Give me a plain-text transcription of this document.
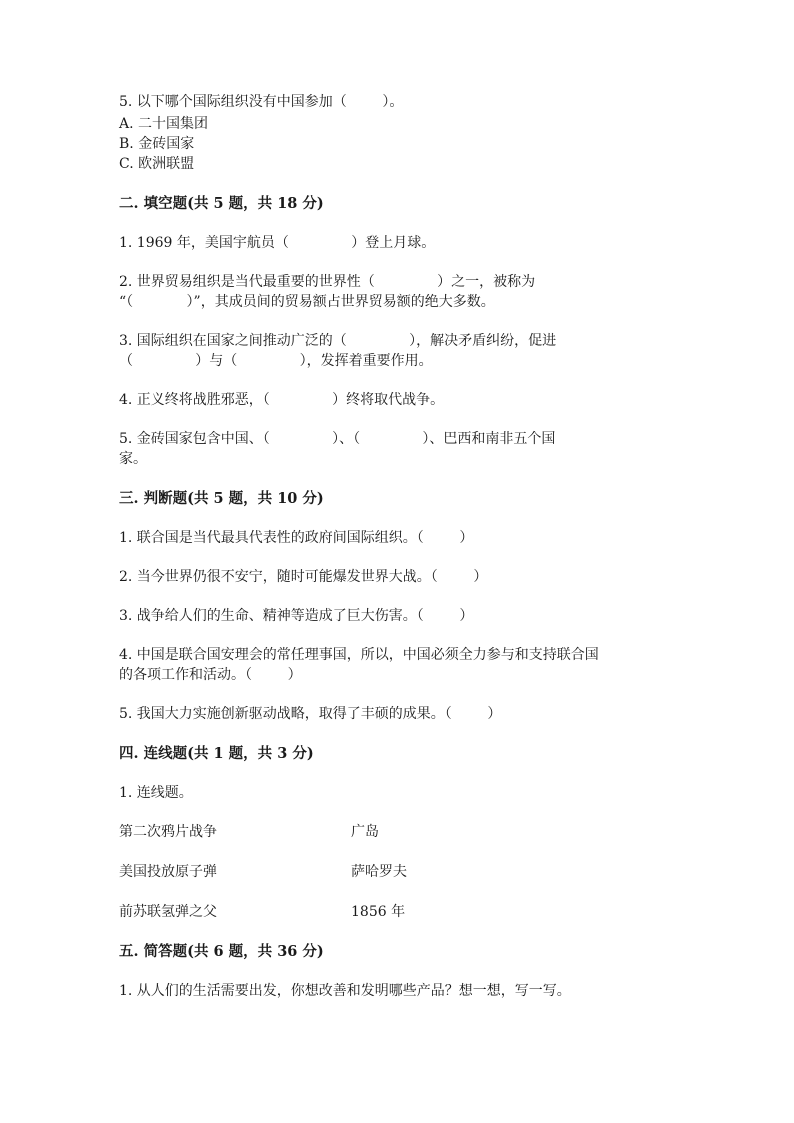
5. 以下哪个国际组织没有中国参加（        ）。
A. 二十国集团
B. 金砖国家
C. 欧洲联盟
二. 填空题(共 5 题，共 18 分)
1. 1969 年，美国宇航员（              ）登上月球。
2. 世界贸易组织是当代最重要的世界性（              ）之一，被称为
“（            ）”，其成员间的贸易额占世界贸易额的绝大多数。
3. 国际组织在国家之间推动广泛的（              ），解决矛盾纠纷，促进
（              ）与（              ），发挥着重要作用。
4. 正义终将战胜邪恶，（              ）终将取代战争。
5. 金砖国家包含中国、（              ）、（              ）、巴西和南非五个国
家。
三. 判断题(共 5 题，共 10 分)
1. 联合国是当代最具代表性的政府间国际组织。（        ）
2. 当今世界仍很不安宁，随时可能爆发世界大战。（        ）
3. 战争给人们的生命、精神等造成了巨大伤害。（        ）
4. 中国是联合国安理会的常任理事国，所以，中国必须全力参与和支持联合国
的各项工作和活动。（        ）
5. 我国大力实施创新驱动战略，取得了丰硕的成果。（        ）
四. 连线题(共 1 题，共 3 分)
1. 连线题。
第二次鸦片战争	广岛
美国投放原子弹	萨哈罗夫
前苏联氢弹之父	1856 年
五. 简答题(共 6 题，共 36 分)
1. 从人们的生活需要出发，你想改善和发明哪些产品？想一想，写一写。
